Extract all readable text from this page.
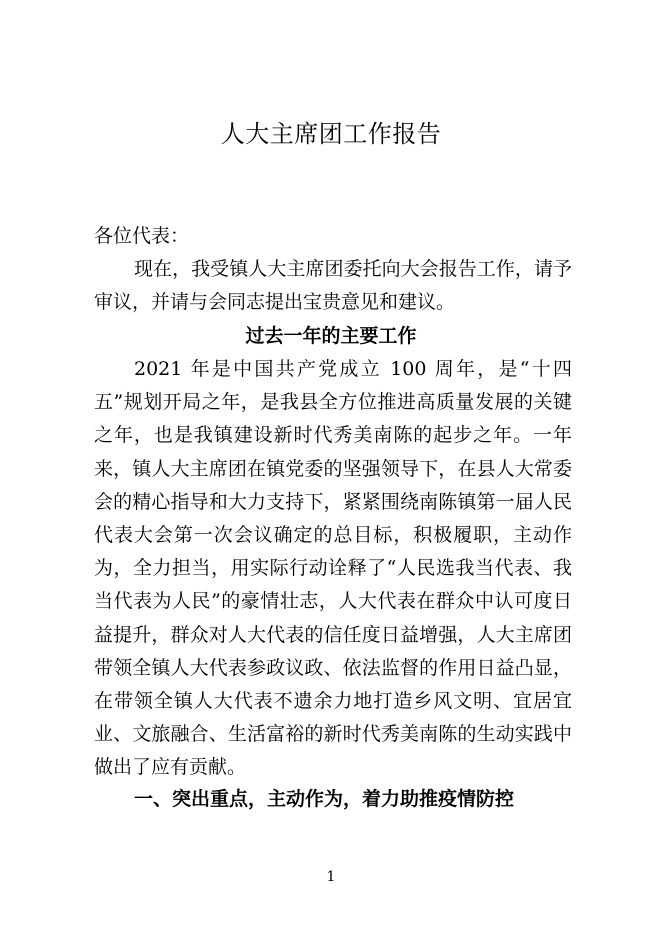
人大主席团工作报告
各位代表：

现在，我受镇人大主席团委托向大会报告工作，请予审议，并请与会同志提出宝贵意见和建议。

过去一年的主要工作

2021 年是中国共产党成立 100 周年，是“十四五”规划开局之年，是我县全方位推进高质量发展的关键之年，也是我镇建设新时代秀美南陈的起步之年。一年来，镇人大主席团在镇党委的坚强领导下，在县人大常委会的精心指导和大力支持下，紧紧围绕南陈镇第一届人民代表大会第一次会议确定的总目标，积极履职，主动作为，全力担当，用实际行动诠释了“人民选我当代表、我当代表为人民”的豪情壮志，人大代表在群众中认可度日益提升，群众对人大代表的信任度日益增强，人大主席团带领全镇人大代表参政议政、依法监督的作用日益凸显，在带领全镇人大代表不遗余力地打造乡风文明、宜居宜业、文旅融合、生活富裕的新时代秀美南陈的生动实践中做出了应有贡献。

一、突出重点，主动作为，着力助推疫情防控
1
